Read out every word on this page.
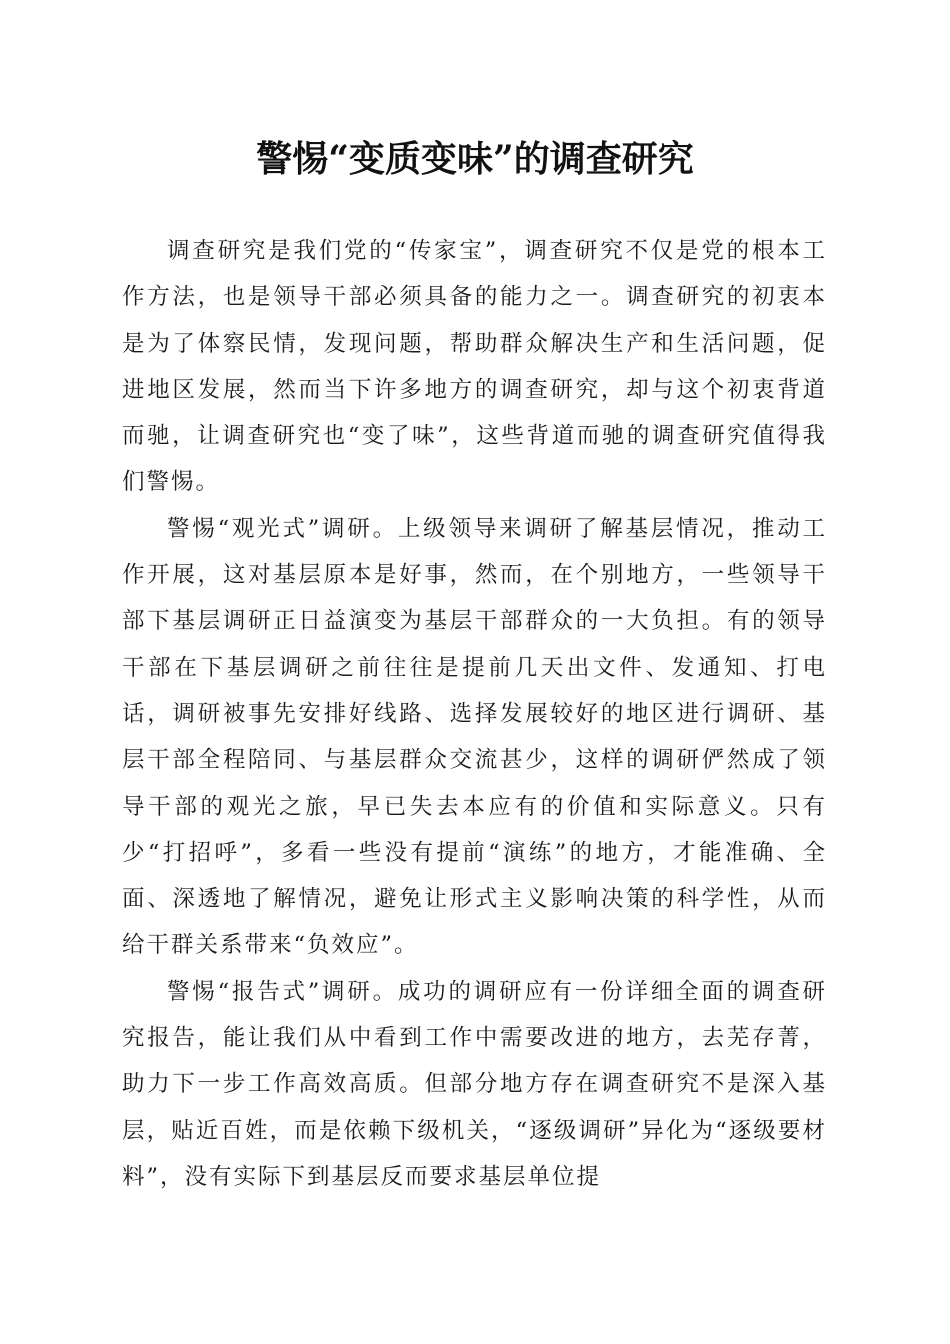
警惕“变质变味”的调查研究

调查研究是我们党的“传家宝”，调查研究不仅是党的根本工作方法，也是领导干部必须具备的能力之一。调查研究的初衷本是为了体察民情，发现问题，帮助群众解决生产和生活问题，促进地区发展，然而当下许多地方的调查研究，却与这个初衷背道而驰，让调查研究也“变了味”，这些背道而驰的调查研究值得我们警惕。

警惕“观光式”调研。上级领导来调研了解基层情况，推动工作开展，这对基层原本是好事，然而，在个别地方，一些领导干部下基层调研正日益演变为基层干部群众的一大负担。有的领导干部在下基层调研之前往往是提前几天出文件、发通知、打电话，调研被事先安排好线路、选择发展较好的地区进行调研、基层干部全程陪同、与基层群众交流甚少，这样的调研俨然成了领导干部的观光之旅，早已失去本应有的价值和实际意义。只有少“打招呼”，多看一些没有提前“演练”的地方，才能准确、全面、深透地了解情况，避免让形式主义影响决策的科学性，从而给干群关系带来“负效应”。

警惕“报告式”调研。成功的调研应有一份详细全面的调查研究报告，能让我们从中看到工作中需要改进的地方，去芜存菁，助力下一步工作高效高质。但部分地方存在调查研究不是深入基层，贴近百姓，而是依赖下级机关，“逐级调研”异化为“逐级要材料”，没有实际下到基层反而要求基层单位提
